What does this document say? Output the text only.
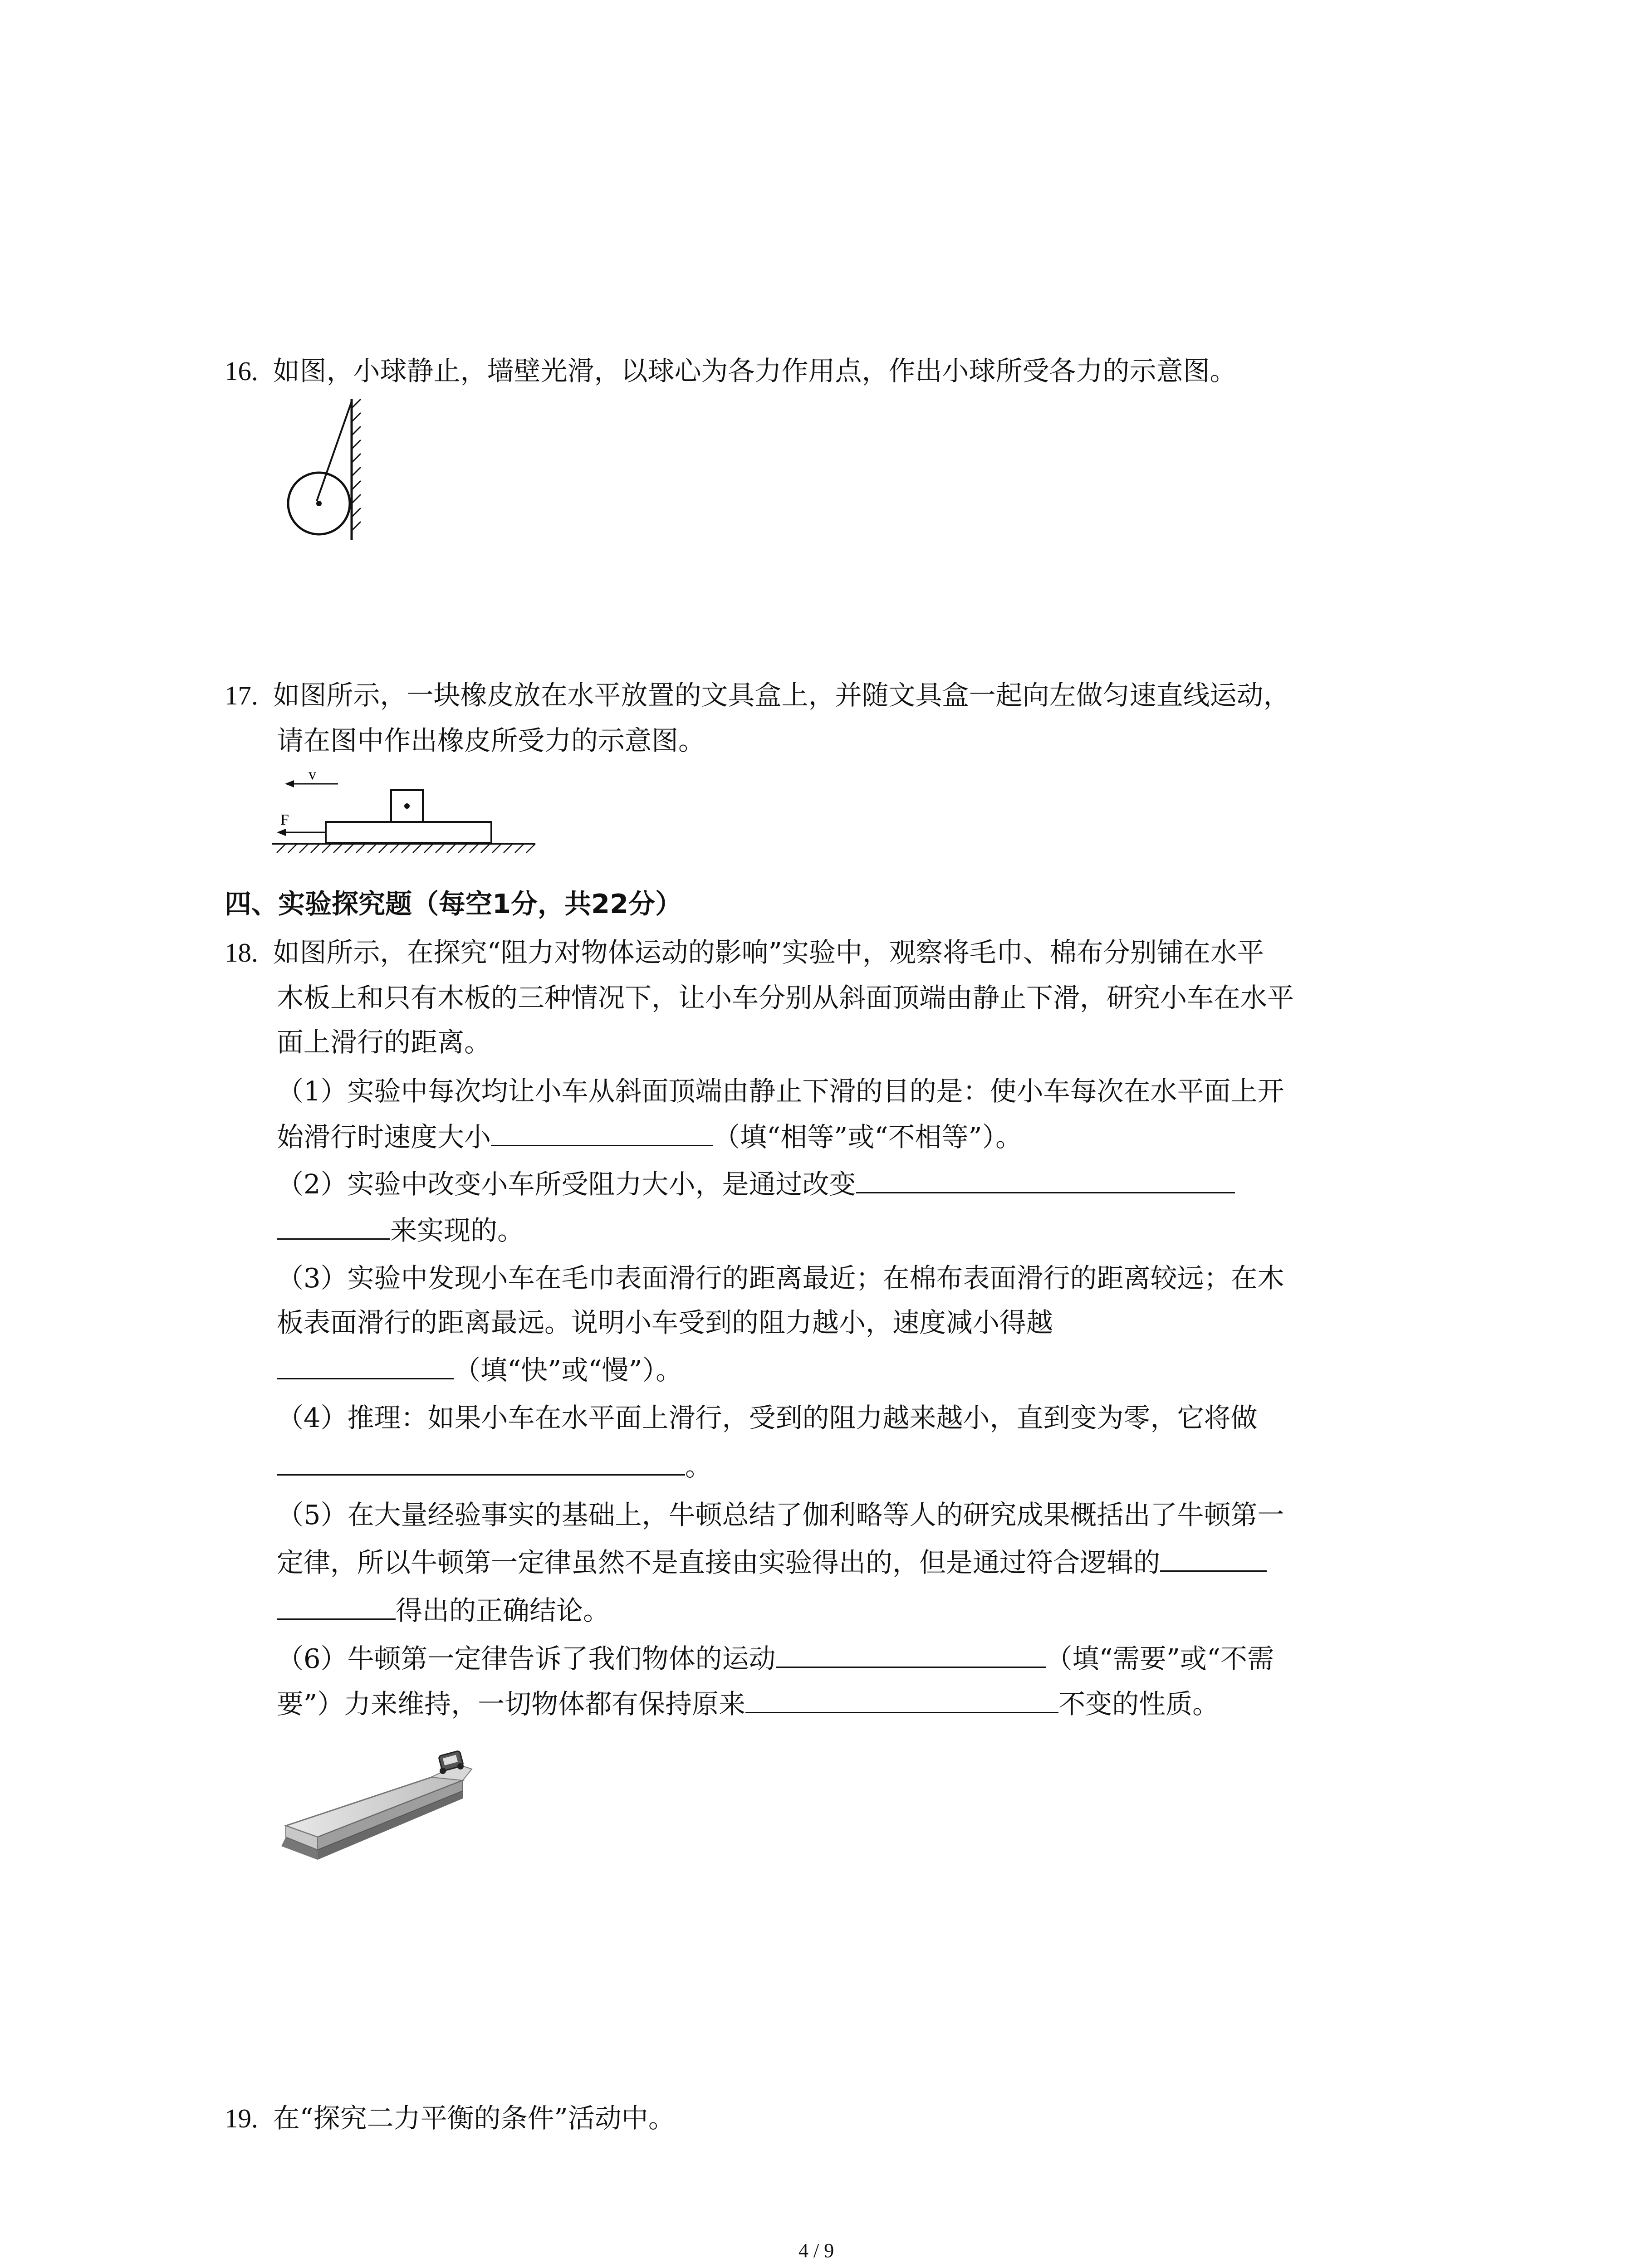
16. 如图，小球静止，墙壁光滑，以球心为各力作用点，作出小球所受各力的示意图。
17. 如图所示，一块橡皮放在水平放置的文具盒上，并随文具盒一起向左做匀速直线运动，
请在图中作出橡皮所受力的示意图。
v
F
四、实验探究题（每空1分，共22分）
18. 如图所示，在探究“阻力对物体运动的影响”实验中，观察将毛巾、棉布分别铺在水平
木板上和只有木板的三种情况下，让小车分别从斜面顶端由静止下滑，研究小车在水平
面上滑行的距离。
（1）实验中每次均让小车从斜面顶端由静止下滑的目的是：使小车每次在水平面上开
始滑行时速度大小	（填“相等”或“不相等”）。
（2）实验中改变小车所受阻力大小，是通过改变
来实现的。
（3）实验中发现小车在毛巾表面滑行的距离最近；在棉布表面滑行的距离较远；在木
板表面滑行的距离最远。说明小车受到的阻力越小，速度减小得越
（填“快”或“慢”）。
（4）推理：如果小车在水平面上滑行，受到的阻力越来越小，直到变为零，它将做
。
（5）在大量经验事实的基础上，牛顿总结了伽利略等人的研究成果概括出了牛顿第一
定律，所以牛顿第一定律虽然不是直接由实验得出的，但是通过符合逻辑的
得出的正确结论。
（6）牛顿第一定律告诉了我们物体的运动	（填“需要”或“不需
要”）力来维持，一切物体都有保持原来	不变的性质。
19. 在“探究二力平衡的条件”活动中。
4 / 9
